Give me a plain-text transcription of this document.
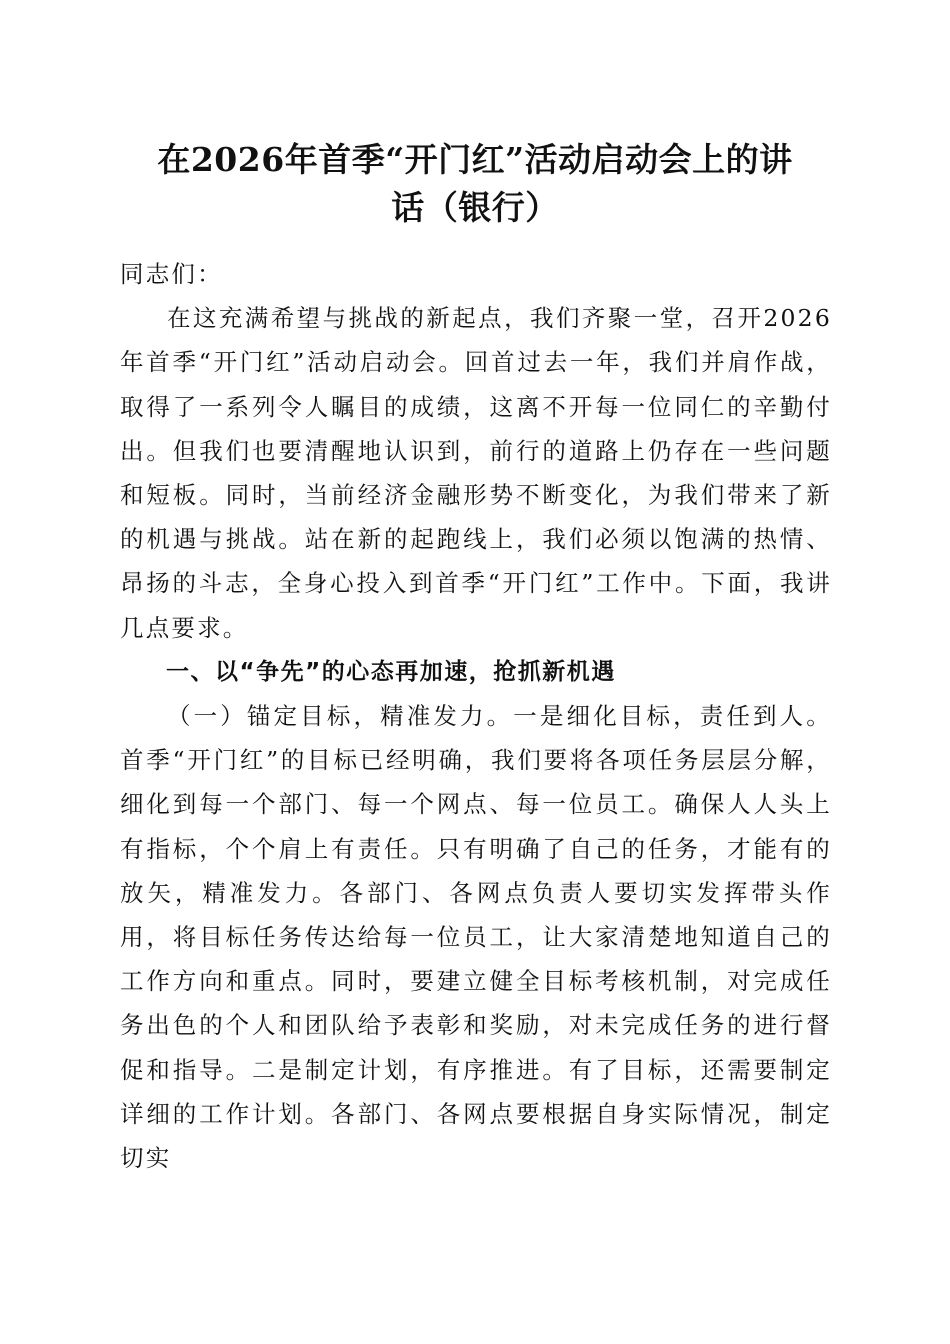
在2026年首季“开门红”活动启动会上的讲
话（银行）

同志们：

在这充满希望与挑战的新起点，我们齐聚一堂，召开2026年首季“开门红”活动启动会。回首过去一年，我们并肩作战，取得了一系列令人瞩目的成绩，这离不开每一位同仁的辛勤付出。但我们也要清醒地认识到，前行的道路上仍存在一些问题和短板。同时，当前经济金融形势不断变化，为我们带来了新的机遇与挑战。站在新的起跑线上，我们必须以饱满的热情、昂扬的斗志，全身心投入到首季“开门红”工作中。下面，我讲几点要求。

一、以“争先”的心态再加速，抢抓新机遇

（一）锚定目标，精准发力。一是细化目标，责任到人。首季“开门红”的目标已经明确，我们要将各项任务层层分解，细化到每一个部门、每一个网点、每一位员工。确保人人头上有指标，个个肩上有责任。只有明确了自己的任务，才能有的放矢，精准发力。各部门、各网点负责人要切实发挥带头作用，将目标任务传达给每一位员工，让大家清楚地知道自己的工作方向和重点。同时，要建立健全目标考核机制，对完成任务出色的个人和团队给予表彰和奖励，对未完成任务的进行督促和指导。二是制定计划，有序推进。有了目标，还需要制定详细的工作计划。各部门、各网点要根据自身实际情况，制定切实
